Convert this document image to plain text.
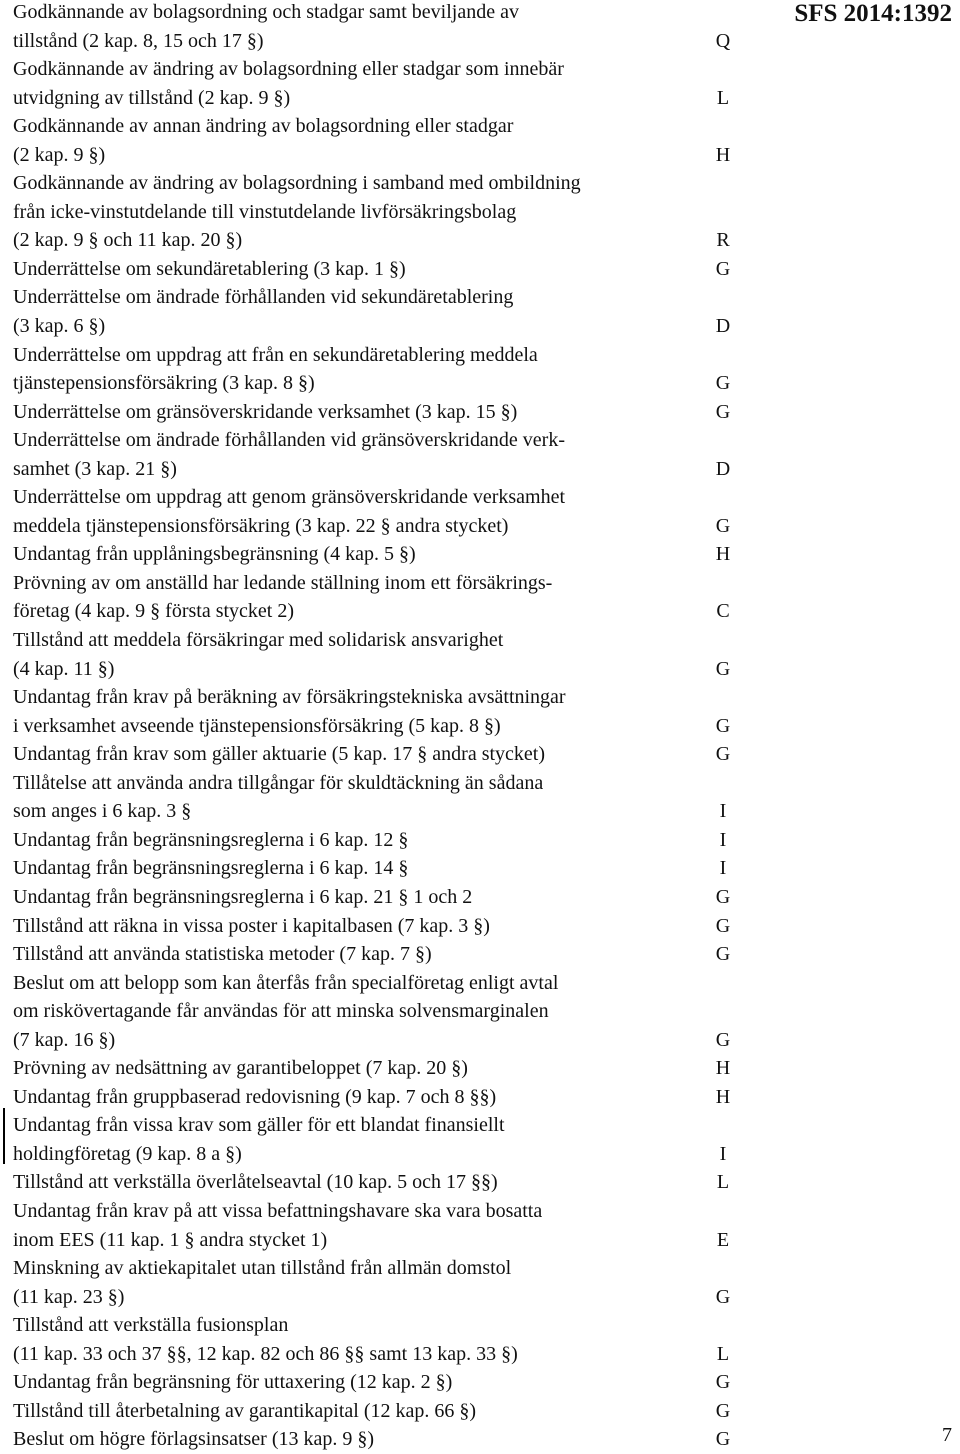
SFS 2014:1392
Godkännande av bolagsordning och stadgar samt beviljande av
tillstånd (2 kap. 8, 15 och 17 §)	Q
Godkännande av ändring av bolagsordning eller stadgar som innebär
utvidgning av tillstånd (2 kap. 9 §)	L
Godkännande av annan ändring av bolagsordning eller stadgar
(2 kap. 9 §)	H
Godkännande av ändring av bolagsordning i samband med ombildning
från icke-vinstutdelande till vinstutdelande livförsäkringsbolag
(2 kap. 9 § och 11 kap. 20 §)	R
Underrättelse om sekundäretablering (3 kap. 1 §)	G
Underrättelse om ändrade förhållanden vid sekundäretablering
(3 kap. 6 §)	D
Underrättelse om uppdrag att från en sekundäretablering meddela
tjänstepensionsförsäkring (3 kap. 8 §)	G
Underrättelse om gränsöverskridande verksamhet (3 kap. 15 §)	G
Underrättelse om ändrade förhållanden vid gränsöverskridande verk-
samhet (3 kap. 21 §)	D
Underrättelse om uppdrag att genom gränsöverskridande verksamhet
meddela tjänstepensionsförsäkring (3 kap. 22 § andra stycket)	G
Undantag från upplåningsbegränsning (4 kap. 5 §)	H
Prövning av om anställd har ledande ställning inom ett försäkrings-
företag (4 kap. 9 § första stycket 2)	C
Tillstånd att meddela försäkringar med solidarisk ansvarighet
(4 kap. 11 §)	G
Undantag från krav på beräkning av försäkringstekniska avsättningar
i verksamhet avseende tjänstepensionsförsäkring (5 kap. 8 §)	G
Undantag från krav som gäller aktuarie (5 kap. 17 § andra stycket)	G
Tillåtelse att använda andra tillgångar för skuldtäckning än sådana
som anges i 6 kap. 3 §	I
Undantag från begränsningsreglerna i 6 kap. 12 §	I
Undantag från begränsningsreglerna i 6 kap. 14 §	I
Undantag från begränsningsreglerna i 6 kap. 21 § 1 och 2	G
Tillstånd att räkna in vissa poster i kapitalbasen (7 kap. 3 §)	G
Tillstånd att använda statistiska metoder (7 kap. 7 §)	G
Beslut om att belopp som kan återfås från specialföretag enligt avtal
om riskövertagande får användas för att minska solvensmarginalen
(7 kap. 16 §)	G
Prövning av nedsättning av garantibeloppet (7 kap. 20 §)	H
Undantag från gruppbaserad redovisning (9 kap. 7 och 8 §§)	H
Undantag från vissa krav som gäller för ett blandat finansiellt
holdingföretag (9 kap. 8 a §)	I
Tillstånd att verkställa överlåtelseavtal (10 kap. 5 och 17 §§)	L
Undantag från krav på att vissa befattningshavare ska vara bosatta
inom EES (11 kap. 1 § andra stycket 1)	E
Minskning av aktiekapitalet utan tillstånd från allmän domstol
(11 kap. 23 §)	G
Tillstånd att verkställa fusionsplan
(11 kap. 33 och 37 §§, 12 kap. 82 och 86 §§ samt 13 kap. 33 §)	L
Undantag från begränsning för uttaxering (12 kap. 2 §)	G
Tillstånd till återbetalning av garantikapital (12 kap. 66 §)	G
Beslut om högre förlagsinsatser (13 kap. 9 §)	G	7
